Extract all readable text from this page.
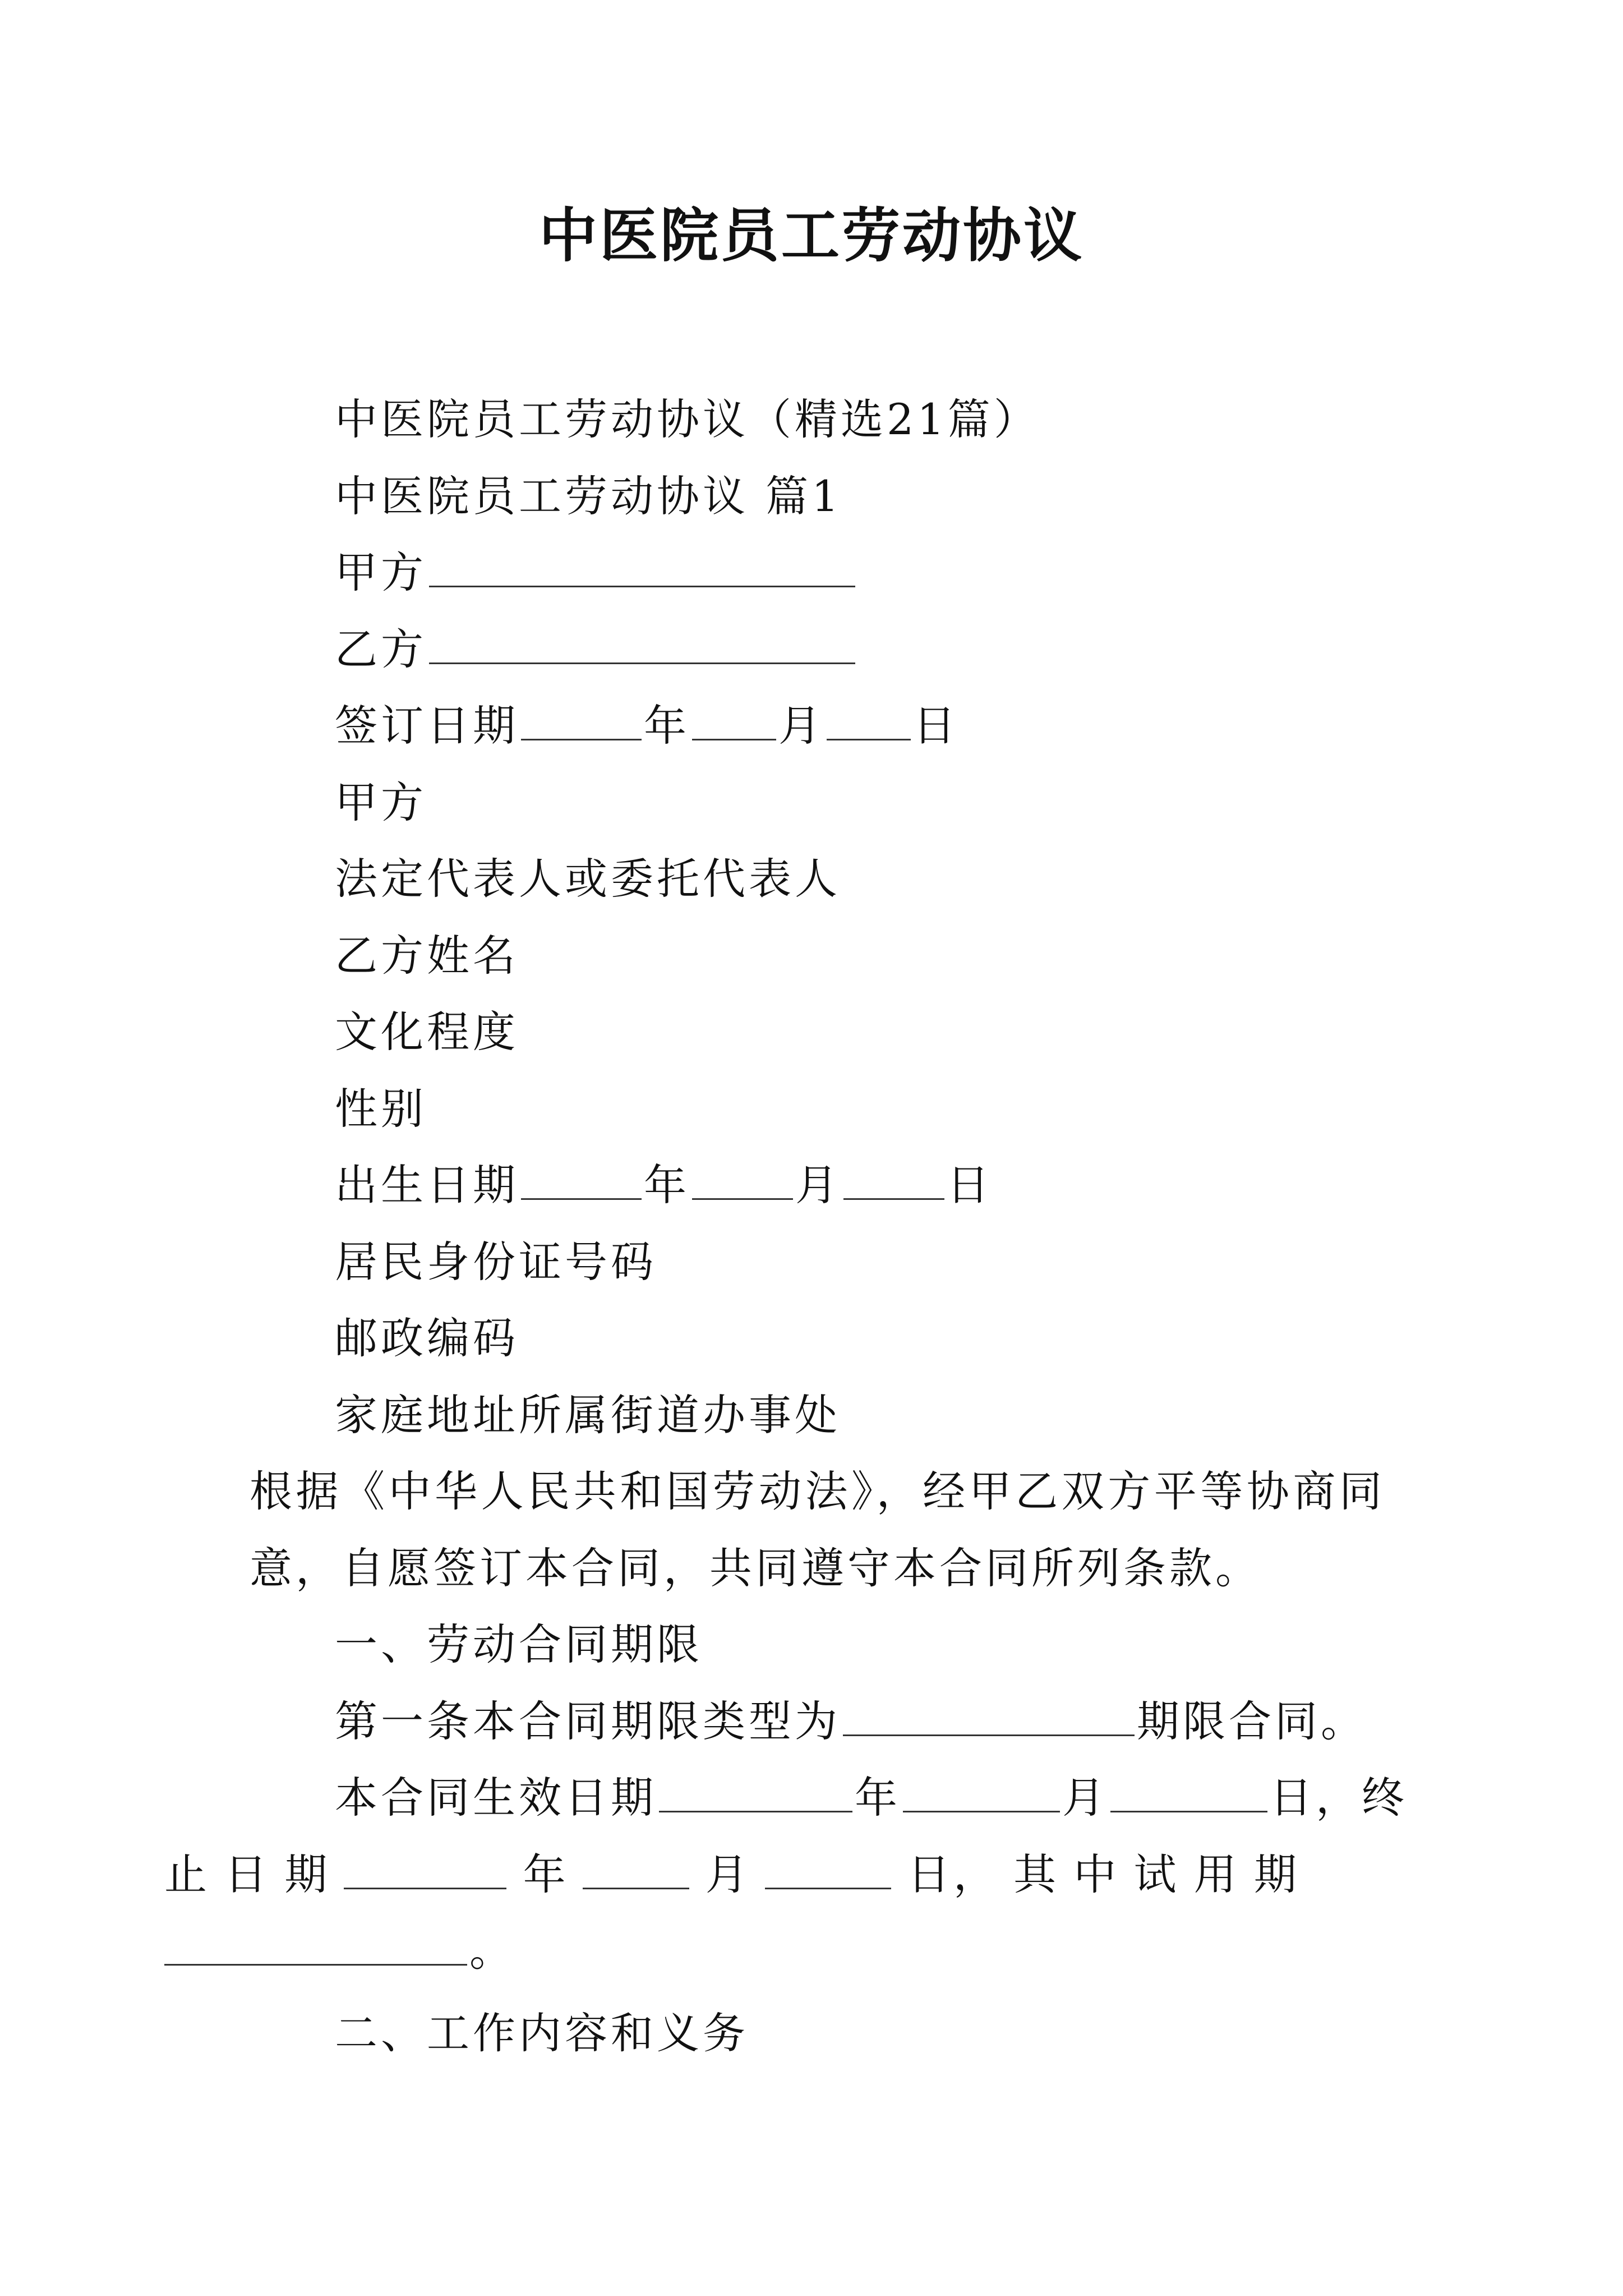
中医院员工劳动协议

中医院员工劳动协议（精选21篇）

中医院员工劳动协议 篇1

甲方

乙方

签订日期	年 月 日

甲方

法定代表人或委托代表人

乙方姓名

文化程度

性别

出生日期	年 月 日

居民身份证号码

邮政编码

家庭地址所属街道办事处

根据《中华人民共和国劳动法》，经甲乙双方平等协商同意，自愿签订本合同，共同遵守本合同所列条款。

一、劳动合同期限

第一条本合同期限类型为	期限合同。

本合同生效日期	年	月	日，终

止 日 期	年	月	日， 其 中 试 用 期

。

二、工作内容和义务
